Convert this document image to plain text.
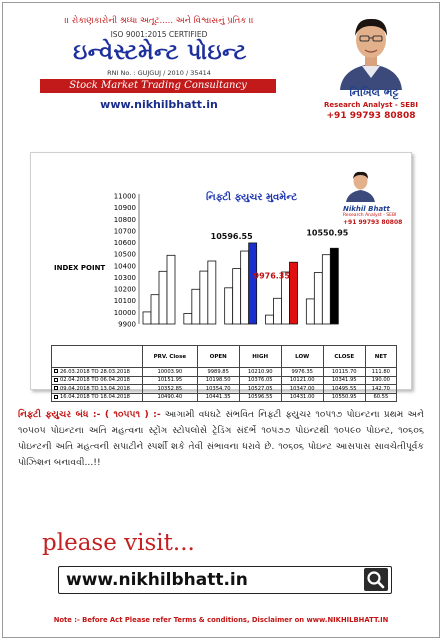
।। રોકાણકારોની શ્રધ્ધા અતૂટ..... અને વિશ્વાસનું પ્રતિક ।।
ISO 9001:2015 CERTIFIED
ઇન્વેસ્ટમેન્ટ પોઇન્ટ
RNI No. : GUJGUJ / 2010 / 35414
Stock Market Trading Consultancy
www.nikhilbhatt.in
નિખિલ ભટ્ટ
Research Analyst - SEBI
+91 99793 80808
નિફ્ટી ફ્યુચર મુવમેન્ટ
Nikhil Bhatt
Research Analyst - SEBI
+91 99793 80808
INDEX POINT
9900
10000
10100
10200
10300
10400
10500
10600
10700
10800
10900
11000
10596.55
9976.35
10550.95
	PRV. Close	OPEN	HIGH	LOW	CLOSE	NET
26.03.2018 TO 28.03.2018	10003.90	9989.85	10210.90	9976.35	10115.70	111.80
02.04.2018 TO 06.04.2018	10151.95	10198.50	10376.05	10121.00	10341.95	190.00
09.04.2018 TO 13.04.2018	10352.85	10354.70	10527.05	10347.00	10495.55	142.70
16.04.2018 TO 18.04.2018	10490.40	10441.35	10596.55	10431.00	10550.95	60.55
નિફ્ટી ફ્યુચર બંધ :- ( ૧૦૫૫૧ ) :- આગામી વધઘટે સંભવિત નિફ્ટી ફ્યુચર ૧૦૫૧૭ પોઇન્ટના પ્રથમ અને ૧૦૫૦૫ પોઇન્ટના અતિ મહત્વના સ્ટ્રોંગ સ્ટોપલોસે ટ્રેડિંગ સંદર્ભે ૧૦૫૭૭ પોઇન્ટથી ૧૦૫૯૦ પોઇન્ટ, ૧૦૬૦૬ પોઇન્ટની અતિ મહત્વની સપાટીને સ્પર્શી શકે તેવી સંભાવના ધરાવે છે. ૧૦૬૦૬ પોઇન્ટ આસપાસ સાવચેતીપૂર્વક પોઝિશન બનાવવી...!!
please visit...
www.nikhilbhatt.in
Note :- Before Act Please refer Terms & conditions, Disclaimer on www.NIKHILBHATT.IN
